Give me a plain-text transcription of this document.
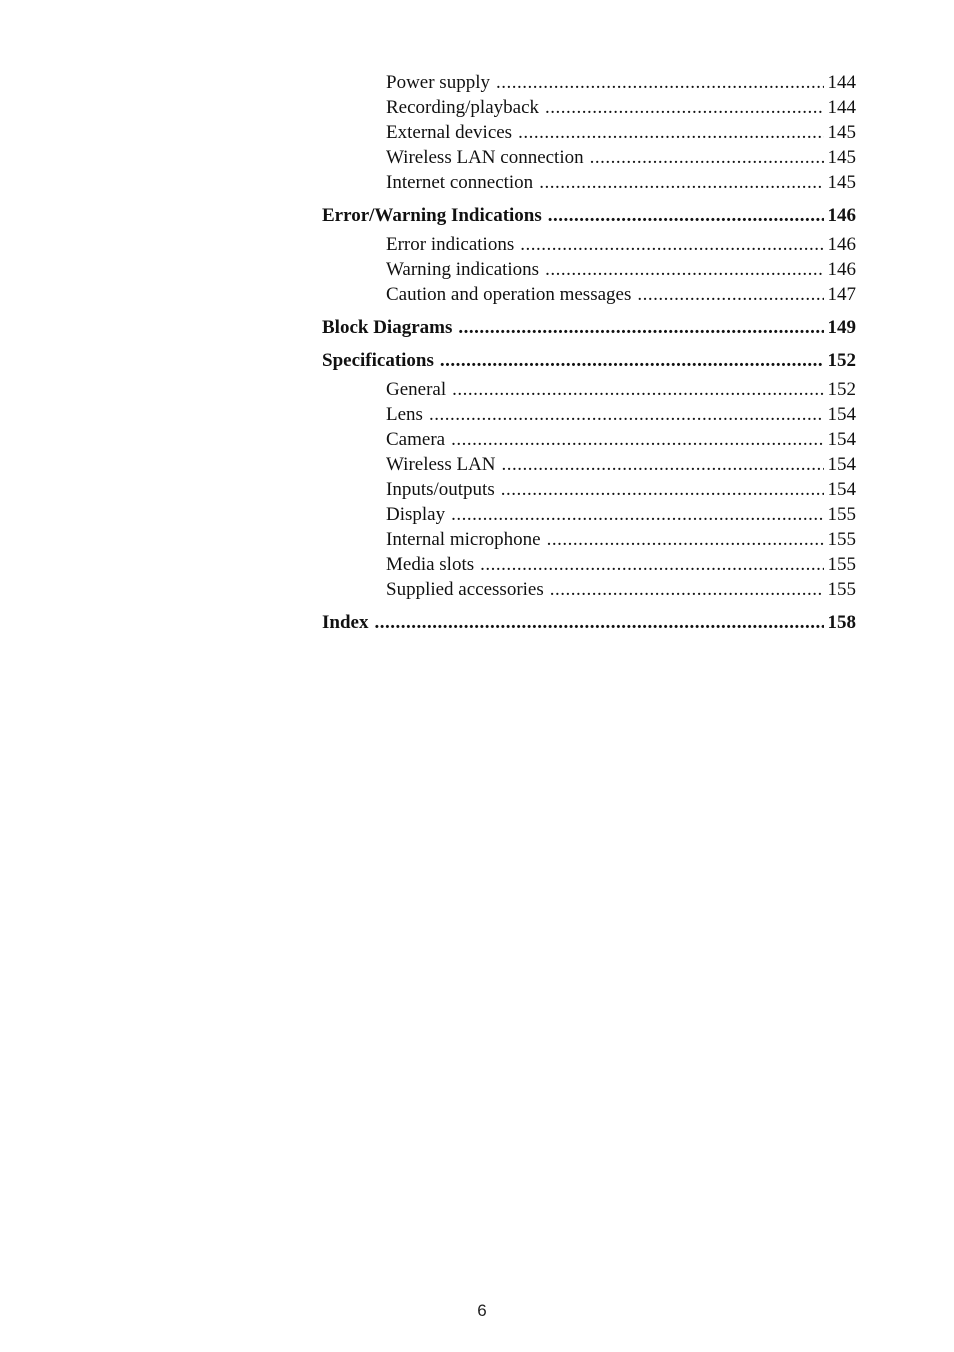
Power supply .....	144
Recording/playback .....	144
External devices .....	145
Wireless LAN connection .....	145
Internet connection .....	145
Error/Warning Indications .....	146
Error indications .....	146
Warning indications .....	146
Caution and operation messages .....	147
Block Diagrams .....	149
Specifications .....	152
General .....	152
Lens .....	154
Camera .....	154
Wireless LAN .....	154
Inputs/outputs .....	154
Display .....	155
Internal microphone .....	155
Media slots .....	155
Supplied accessories .....	155
Index .....	158
6
